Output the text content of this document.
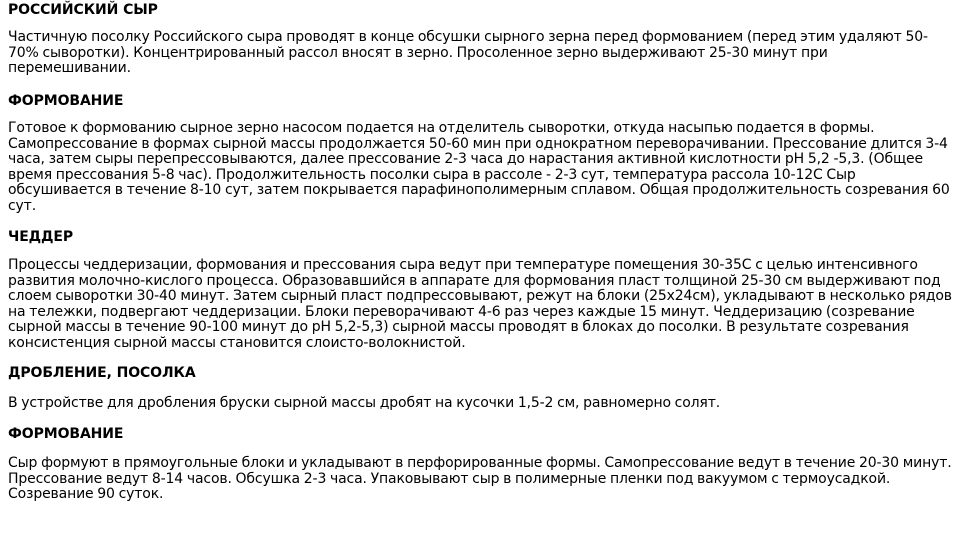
РОССИЙСКИЙ СЫР

Частичную посолку Российского сыра проводят в конце обсушки сырного зерна перед формованием (перед этим удаляют 50-70% сыворотки). Концентрированный рассол вносят в зерно. Просоленное зерно выдерживают 25-30 минут при перемешивании.

ФОРМОВАНИЕ

Готовое к формованию сырное зерно насосом подается на отделитель сыворотки, откуда насыпью подается в формы. Самопрессование в формах сырной массы продолжается 50-60 мин при однократном переворачивании. Прессование длится 3-4 часа, затем сыры перепрессовываются, далее прессование 2-3 часа до нарастания активной кислотности рН 5,2 -5,3. (Общее время прессования 5-8 час). Продолжительность посолки сыра в рассоле - 2-3 сут, температура рассола 10-12С Сыр обсушивается в течение 8-10 сут, затем покрывается парафинополимерным сплавом. Общая продолжительность созревания 60 сут.

ЧЕДДЕР

Процессы чеддеризации, формования и прессования сыра ведут при температуре помещения 30-35С с целью интенсивного развития молочно-кислого процесса. Образовавшийся в аппарате для формования пласт толщиной 25-30 см выдерживают под слоем сыворотки 30-40 минут. Затем сырный пласт подпрессовывают, режут на блоки (25х24см), укладывают в несколько рядов на тележки, подвергают чеддеризации. Блоки переворачивают 4-6 раз через каждые 15 минут. Чеддеризацию (созревание сырной массы в течение 90-100 минут до рН 5,2-5,3) сырной массы проводят в блоках до посолки. В результате созревания консистенция сырной массы становится слоисто-волокнистой.

ДРОБЛЕНИЕ, ПОСОЛКА

В устройстве для дробления бруски сырной массы дробят на кусочки 1,5-2 см, равномерно солят.

ФОРМОВАНИЕ

Сыр формуют в прямоугольные блоки и укладывают в перфорированные формы. Самопрессование ведут в течение 20-30 минут. Прессование ведут 8-14 часов. Обсушка 2-3 часа. Упаковывают сыр в полимерные пленки под вакуумом с термоусадкой. Созревание 90 суток.
